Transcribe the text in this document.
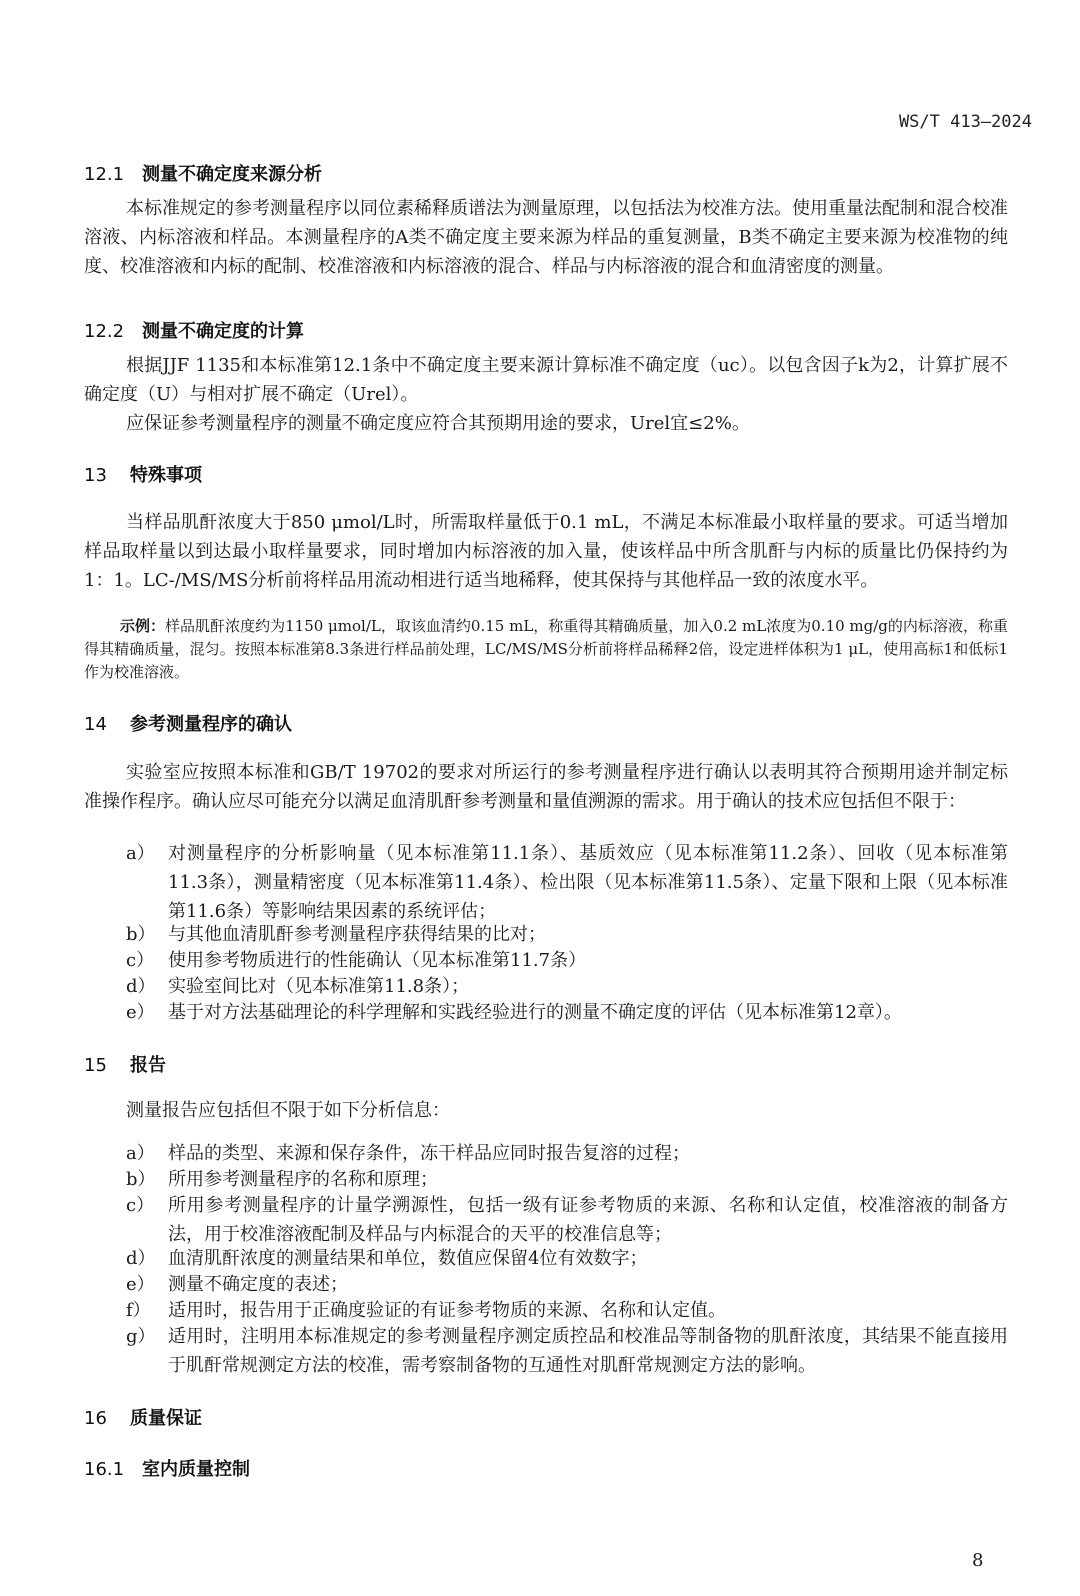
WS/T 413—2024
12.1 测量不确定度来源分析

本标准规定的参考测量程序以同位素稀释质谱法为测量原理，以包括法为校准方法。使用重量法配制和混合校准溶液、内标溶液和样品。本测量程序的A类不确定度主要来源为样品的重复测量，B类不确定主要来源为校准物的纯度、校准溶液和内标的配制、校准溶液和内标溶液的混合、样品与内标溶液的混合和血清密度的测量。

12.2 测量不确定度的计算

根据JJF 1135和本标准第12.1条中不确定度主要来源计算标准不确定度（uc）。以包含因子k为2，计算扩展不确定度（U）与相对扩展不确定（Urel）。

应保证参考测量程序的测量不确定度应符合其预期用途的要求，Urel宜≤2%。

13 特殊事项

当样品肌酐浓度大于850 μmol/L时，所需取样量低于0.1 mL，不满足本标准最小取样量的要求。可适当增加样品取样量以到达最小取样量要求，同时增加内标溶液的加入量，使该样品中所含肌酐与内标的质量比仍保持约为1：1。LC-/MS/MS分析前将样品用流动相进行适当地稀释，使其保持与其他样品一致的浓度水平。

示例：样品肌酐浓度约为1150 μmol/L，取该血清约0.15 mL，称重得其精确质量，加入0.2 mL浓度为0.10 mg/g的内标溶液，称重得其精确质量，混匀。按照本标准第8.3条进行样品前处理，LC/MS/MS分析前将样品稀释2倍，设定进样体积为1 μL，使用高标1和低标1作为校准溶液。

14 参考测量程序的确认

实验室应按照本标准和GB/T 19702的要求对所运行的参考测量程序进行确认以表明其符合预期用途并制定标准操作程序。确认应尽可能充分以满足血清肌酐参考测量和量值溯源的需求。用于确认的技术应包括但不限于：

a） 对测量程序的分析影响量（见本标准第11.1条）、基质效应（见本标准第11.2条）、回收（见本标准第11.3条），测量精密度（见本标准第11.4条）、检出限（见本标准第11.5条）、定量下限和上限（见本标准第11.6条）等影响结果因素的系统评估；
b） 与其他血清肌酐参考测量程序获得结果的比对；
c） 使用参考物质进行的性能确认（见本标准第11.7条）
d） 实验室间比对（见本标准第11.8条）；
e） 基于对方法基础理论的科学理解和实践经验进行的测量不确定度的评估（见本标准第12章）。
15 报告

测量报告应包括但不限于如下分析信息：

a） 样品的类型、来源和保存条件，冻干样品应同时报告复溶的过程；
b） 所用参考测量程序的名称和原理；
c） 所用参考测量程序的计量学溯源性，包括一级有证参考物质的来源、名称和认定值，校准溶液的制备方法，用于校准溶液配制及样品与内标混合的天平的校准信息等；
d） 血清肌酐浓度的测量结果和单位，数值应保留4位有效数字；
e） 测量不确定度的表述；
f） 适用时，报告用于正确度验证的有证参考物质的来源、名称和认定值。
g） 适用时，注明用本标准规定的参考测量程序测定质控品和校准品等制备物的肌酐浓度，其结果不能直接用于肌酐常规测定方法的校准，需考察制备物的互通性对肌酐常规测定方法的影响。
16 质量保证
16.1 室内质量控制
8
